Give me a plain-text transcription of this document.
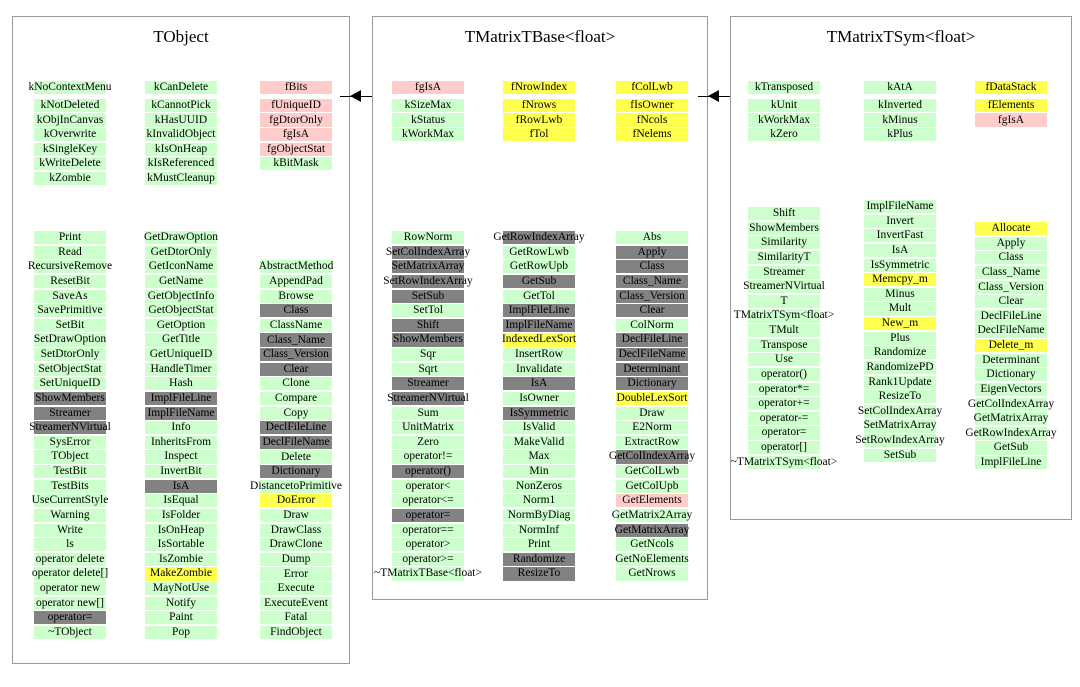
TObject
kNoContextMenu
kNotDeleted
kObjInCanvas
kOverwrite
kSingleKey
kWriteDelete
kZombie
kCanDelete
kCannotPick
kHasUUID
kInvalidObject
kIsOnHeap
kIsReferenced
kMustCleanup
fBits
fUniqueID
fgDtorOnly
fgIsA
fgObjectStat
kBitMask
Print
Read
RecursiveRemove
ResetBit
SaveAs
SavePrimitive
SetBit
SetDrawOption
SetDtorOnly
SetObjectStat
SetUniqueID
ShowMembers
Streamer
StreamerNVirtual
SysError
TObject
TestBit
TestBits
UseCurrentStyle
Warning
Write
ls
operator delete
operator delete[]
operator new
operator new[]
operator=
~TObject
GetDrawOption
GetDtorOnly
GetIconName
GetName
GetObjectInfo
GetObjectStat
GetOption
GetTitle
GetUniqueID
HandleTimer
Hash
ImplFileLine
ImplFileName
Info
InheritsFrom
Inspect
InvertBit
IsA
IsEqual
IsFolder
IsOnHeap
IsSortable
IsZombie
MakeZombie
MayNotUse
Notify
Paint
Pop
AbstractMethod
AppendPad
Browse
Class
ClassName
Class_Name
Class_Version
Clear
Clone
Compare
Copy
DeclFileLine
DeclFileName
Delete
Dictionary
DistancetoPrimitive
DoError
Draw
DrawClass
DrawClone
Dump
Error
Execute
ExecuteEvent
Fatal
FindObject
TMatrixTBase<float>
fgIsA
kSizeMax
kStatus
kWorkMax
fNrowIndex
fNrows
fRowLwb
fTol
fColLwb
fIsOwner
fNcols
fNelems
RowNorm
SetColIndexArray
SetMatrixArray
SetRowIndexArray
SetSub
SetTol
Shift
ShowMembers
Sqr
Sqrt
Streamer
StreamerNVirtual
Sum
UnitMatrix
Zero
operator!=
operator()
operator<
operator<=
operator=
operator==
operator>
operator>=
~TMatrixTBase<float>
GetRowIndexArray
GetRowLwb
GetRowUpb
GetSub
GetTol
ImplFileLine
ImplFileName
IndexedLexSort
InsertRow
Invalidate
IsA
IsOwner
IsSymmetric
IsValid
MakeValid
Max
Min
NonZeros
Norm1
NormByDiag
NormInf
Print
Randomize
ResizeTo
Abs
Apply
Class
Class_Name
Class_Version
Clear
ColNorm
DeclFileLine
DeclFileName
Determinant
Dictionary
DoubleLexSort
Draw
E2Norm
ExtractRow
GetColIndexArray
GetColLwb
GetColUpb
GetElements
GetMatrix2Array
GetMatrixArray
GetNcols
GetNoElements
GetNrows
TMatrixTSym<float>
kTransposed
kUnit
kWorkMax
kZero
kAtA
kInverted
kMinus
kPlus
fDataStack
fElements
fgIsA
Shift
ShowMembers
Similarity
SimilarityT
Streamer
StreamerNVirtual
T
TMatrixTSym<float>
TMult
Transpose
Use
operator()
operator*=
operator+=
operator-=
operator=
operator[]
~TMatrixTSym<float>
ImplFileName
Invert
InvertFast
IsA
IsSymmetric
Memcpy_m
Minus
Mult
New_m
Plus
Randomize
RandomizePD
Rank1Update
ResizeTo
SetColIndexArray
SetMatrixArray
SetRowIndexArray
SetSub
Allocate
Apply
Class
Class_Name
Class_Version
Clear
DeclFileLine
DeclFileName
Delete_m
Determinant
Dictionary
EigenVectors
GetColIndexArray
GetMatrixArray
GetRowIndexArray
GetSub
ImplFileLine
